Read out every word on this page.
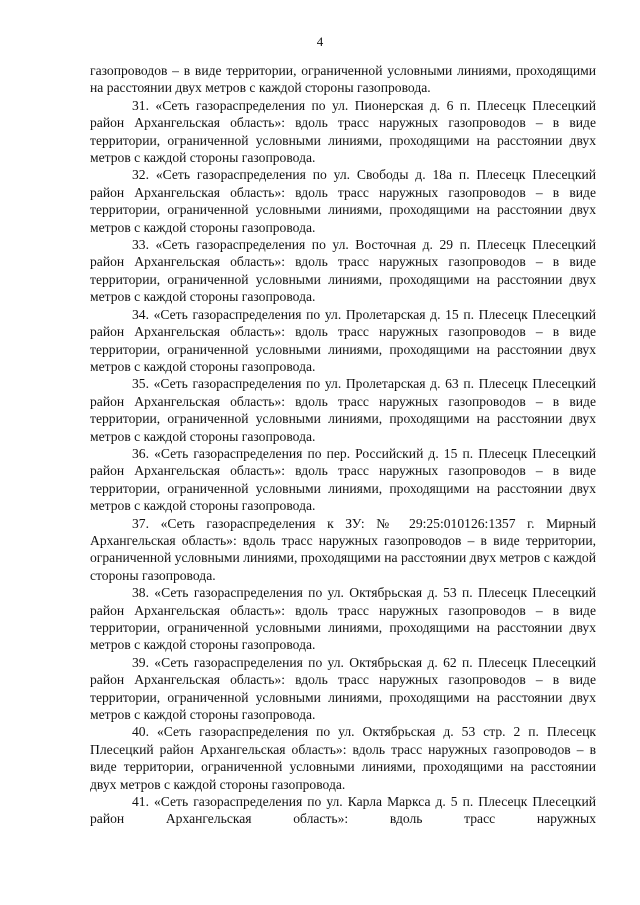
4

газопроводов – в виде территории, ограниченной условными линиями, проходящими на расстоянии двух метров с каждой стороны газопровода.

31. «Сеть газораспределения по ул. Пионерская д. 6 п. Плесецк Плесецкий район Архангельская область»: вдоль трасс наружных газопроводов – в виде территории, ограниченной условными линиями, проходящими на расстоянии двух метров с каждой стороны газопровода.

32. «Сеть газораспределения по ул. Свободы д. 18а п. Плесецк Плесецкий район Архангельская область»: вдоль трасс наружных газопроводов – в виде территории, ограниченной условными линиями, проходящими на расстоянии двух метров с каждой стороны газопровода.

33. «Сеть газораспределения по ул. Восточная д. 29 п. Плесецк Плесецкий район Архангельская область»: вдоль трасс наружных газопроводов – в виде территории, ограниченной условными линиями, проходящими на расстоянии двух метров с каждой стороны газопровода.

34. «Сеть газораспределения по ул. Пролетарская д. 15 п. Плесецк Плесецкий район Архангельская область»: вдоль трасс наружных газопроводов – в виде территории, ограниченной условными линиями, проходящими на расстоянии двух метров с каждой стороны газопровода.

35. «Сеть газораспределения по ул. Пролетарская д. 63 п. Плесецк Плесецкий район Архангельская область»: вдоль трасс наружных газопроводов – в виде территории, ограниченной условными линиями, проходящими на расстоянии двух метров с каждой стороны газопровода.

36. «Сеть газораспределения по пер. Российский д. 15 п. Плесецк Плесецкий район Архангельская область»: вдоль трасс наружных газопроводов – в виде территории, ограниченной условными линиями, проходящими на расстоянии двух метров с каждой стороны газопровода.

37. «Сеть газораспределения к ЗУ: № 29:25:010126:1357 г. Мирный Архангельская область»: вдоль трасс наружных газопроводов – в виде территории, ограниченной условными линиями, проходящими на расстоянии двух метров с каждой стороны газопровода.

38. «Сеть газораспределения по ул. Октябрьская д. 53 п. Плесецк Плесецкий район Архангельская область»: вдоль трасс наружных газопроводов – в виде территории, ограниченной условными линиями, проходящими на расстоянии двух метров с каждой стороны газопровода.

39. «Сеть газораспределения по ул. Октябрьская д. 62 п. Плесецк Плесецкий район Архангельская область»: вдоль трасс наружных газопроводов – в виде территории, ограниченной условными линиями, проходящими на расстоянии двух метров с каждой стороны газопровода.

40. «Сеть газораспределения по ул. Октябрьская д. 53 стр. 2 п. Плесецк Плесецкий район Архангельская область»: вдоль трасс наружных газопроводов – в виде территории, ограниченной условными линиями, проходящими на расстоянии двух метров с каждой стороны газопровода.

41. «Сеть газораспределения по ул. Карла Маркса д. 5 п. Плесецк Плесецкий район Архангельская область»: вдоль трасс наружных
